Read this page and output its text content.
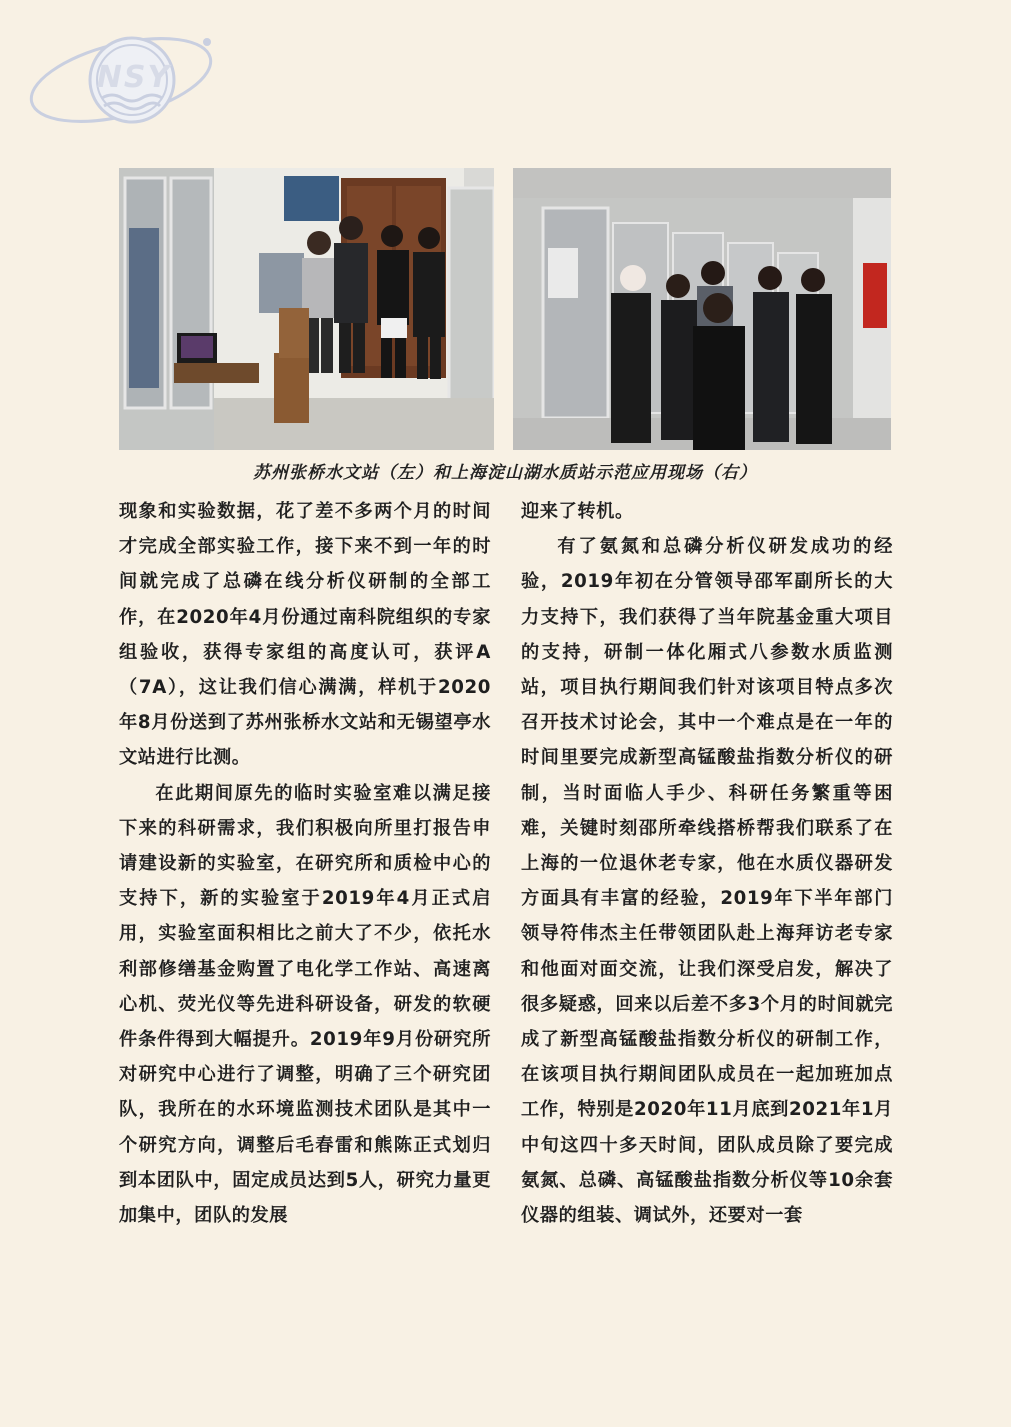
NSY
苏州张桥水文站（左）和上海淀山湖水质站示范应用现场（右）

现象和实验数据，花了差不多两个月的时间才完成全部实验工作，接下来不到一年的时间就完成了总磷在线分析仪研制的全部工作，在2020年4月份通过南科院组织的专家组验收，获得专家组的高度认可，获评A（7A），这让我们信心满满，样机于2020年8月份送到了苏州张桥水文站和无锡望亭水文站进行比测。

在此期间原先的临时实验室难以满足接下来的科研需求，我们积极向所里打报告申请建设新的实验室，在研究所和质检中心的支持下，新的实验室于2019年4月正式启用，实验室面积相比之前大了不少，依托水利部修缮基金购置了电化学工作站、高速离心机、荧光仪等先进科研设备，研发的软硬件条件得到大幅提升。2019年9月份研究所对研究中心进行了调整，明确了三个研究团队，我所在的水环境监测技术团队是其中一个研究方向，调整后毛春雷和熊陈正式划归到本团队中，固定成员达到5人，研究力量更加集中，团队的发展

迎来了转机。

有了氨氮和总磷分析仪研发成功的经验，2019年初在分管领导邵军副所长的大力支持下，我们获得了当年院基金重大项目的支持，研制一体化厢式八参数水质监测站，项目执行期间我们针对该项目特点多次召开技术讨论会，其中一个难点是在一年的时间里要完成新型高锰酸盐指数分析仪的研制，当时面临人手少、科研任务繁重等困难，关键时刻邵所牵线搭桥帮我们联系了在上海的一位退休老专家，他在水质仪器研发方面具有丰富的经验，2019年下半年部门领导符伟杰主任带领团队赴上海拜访老专家和他面对面交流，让我们深受启发，解决了很多疑惑，回来以后差不多3个月的时间就完成了新型高锰酸盐指数分析仪的研制工作，在该项目执行期间团队成员在一起加班加点工作，特别是2020年11月底到2021年1月中旬这四十多天时间，团队成员除了要完成氨氮、总磷、高锰酸盐指数分析仪等10余套仪器的组装、调试外，还要对一套
